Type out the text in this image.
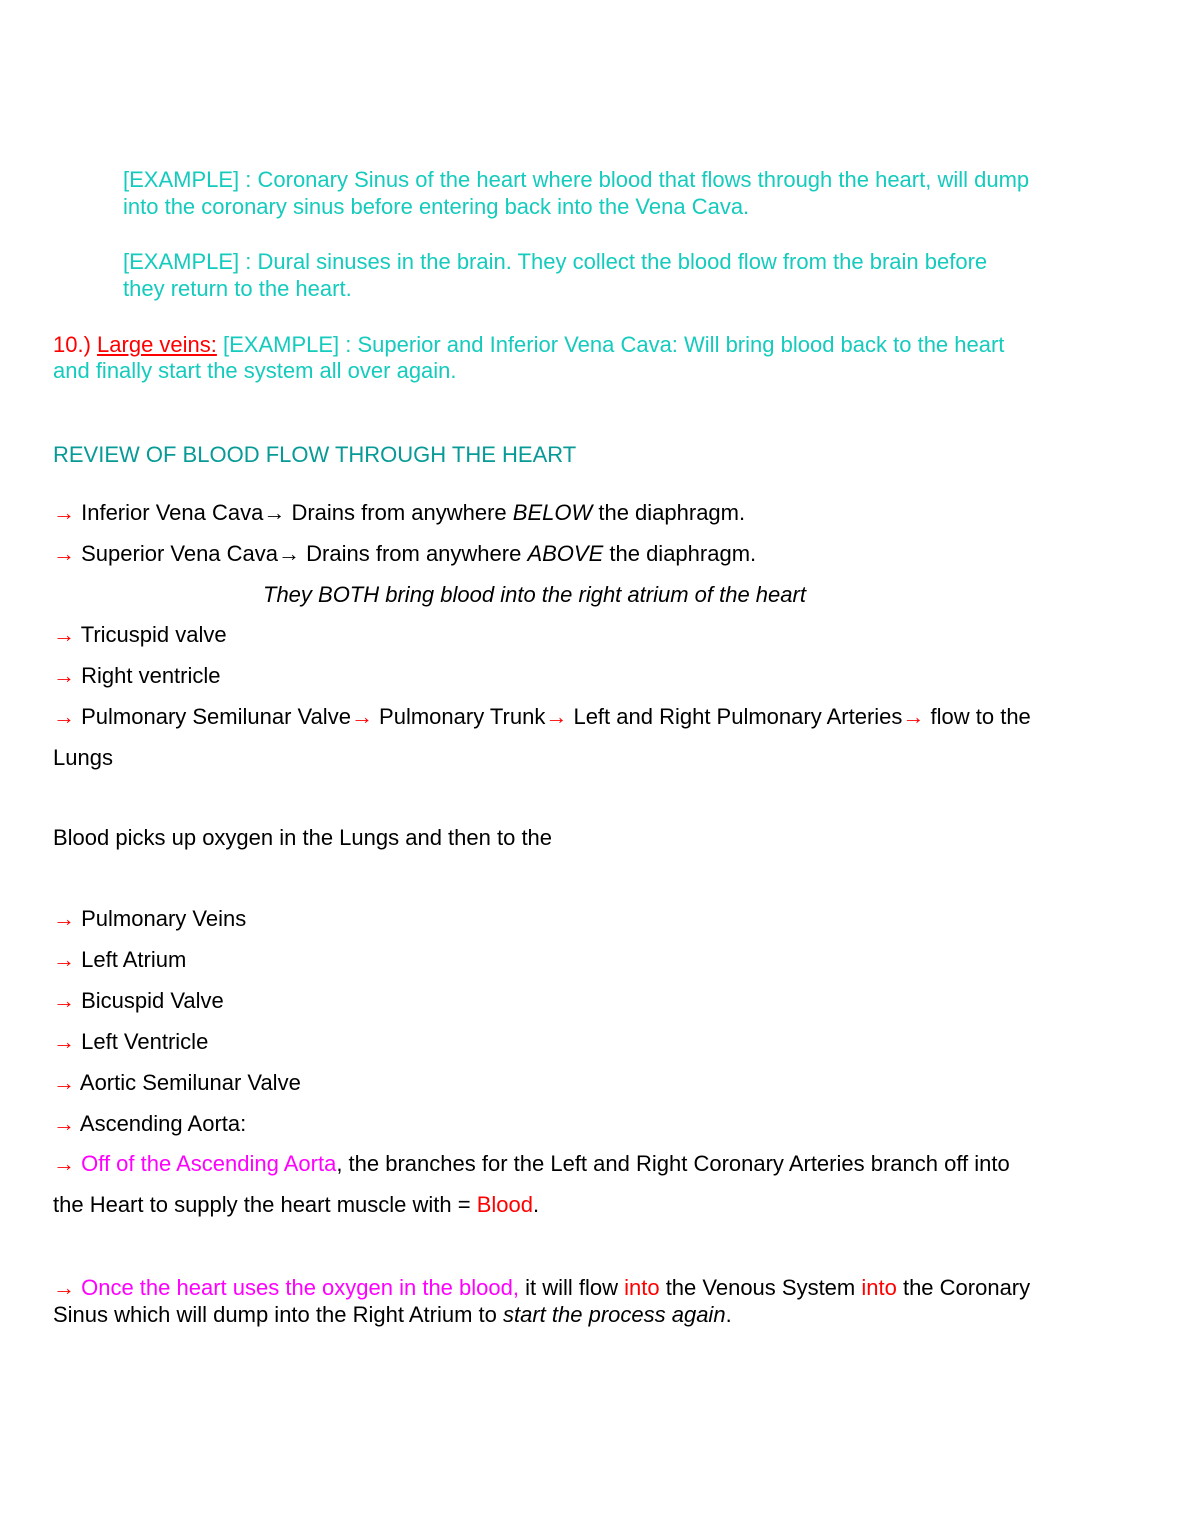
[EXAMPLE] : Coronary Sinus of the heart where blood that flows through the heart, will dump
into the coronary sinus before entering back into the Vena Cava.
[EXAMPLE] : Dural sinuses in the brain. They collect the blood flow from the brain before
they return to the heart.
10.) Large veins: [EXAMPLE] : Superior and Inferior Vena Cava: Will bring blood back to the heart
and finally start the system all over again.
REVIEW OF BLOOD FLOW THROUGH THE HEART
→ Inferior Vena Cava→ Drains from anywhere BELOW the diaphragm.
→ Superior Vena Cava→ Drains from anywhere ABOVE the diaphragm.
They BOTH bring blood into the right atrium of the heart
→ Tricuspid valve
→ Right ventricle
→ Pulmonary Semilunar Valve→ Pulmonary Trunk→ Left and Right Pulmonary Arteries→ flow to the
Lungs
Blood picks up oxygen in the Lungs and then to the
→ Pulmonary Veins
→ Left Atrium
→ Bicuspid Valve
→ Left Ventricle
→ Aortic Semilunar Valve
→ Ascending Aorta:
→ Off of the Ascending Aorta, the branches for the Left and Right Coronary Arteries branch off into
the Heart to supply the heart muscle with = Blood.
→ Once the heart uses the oxygen in the blood, it will flow into the Venous System into the Coronary
Sinus which will dump into the Right Atrium to start the process again.
